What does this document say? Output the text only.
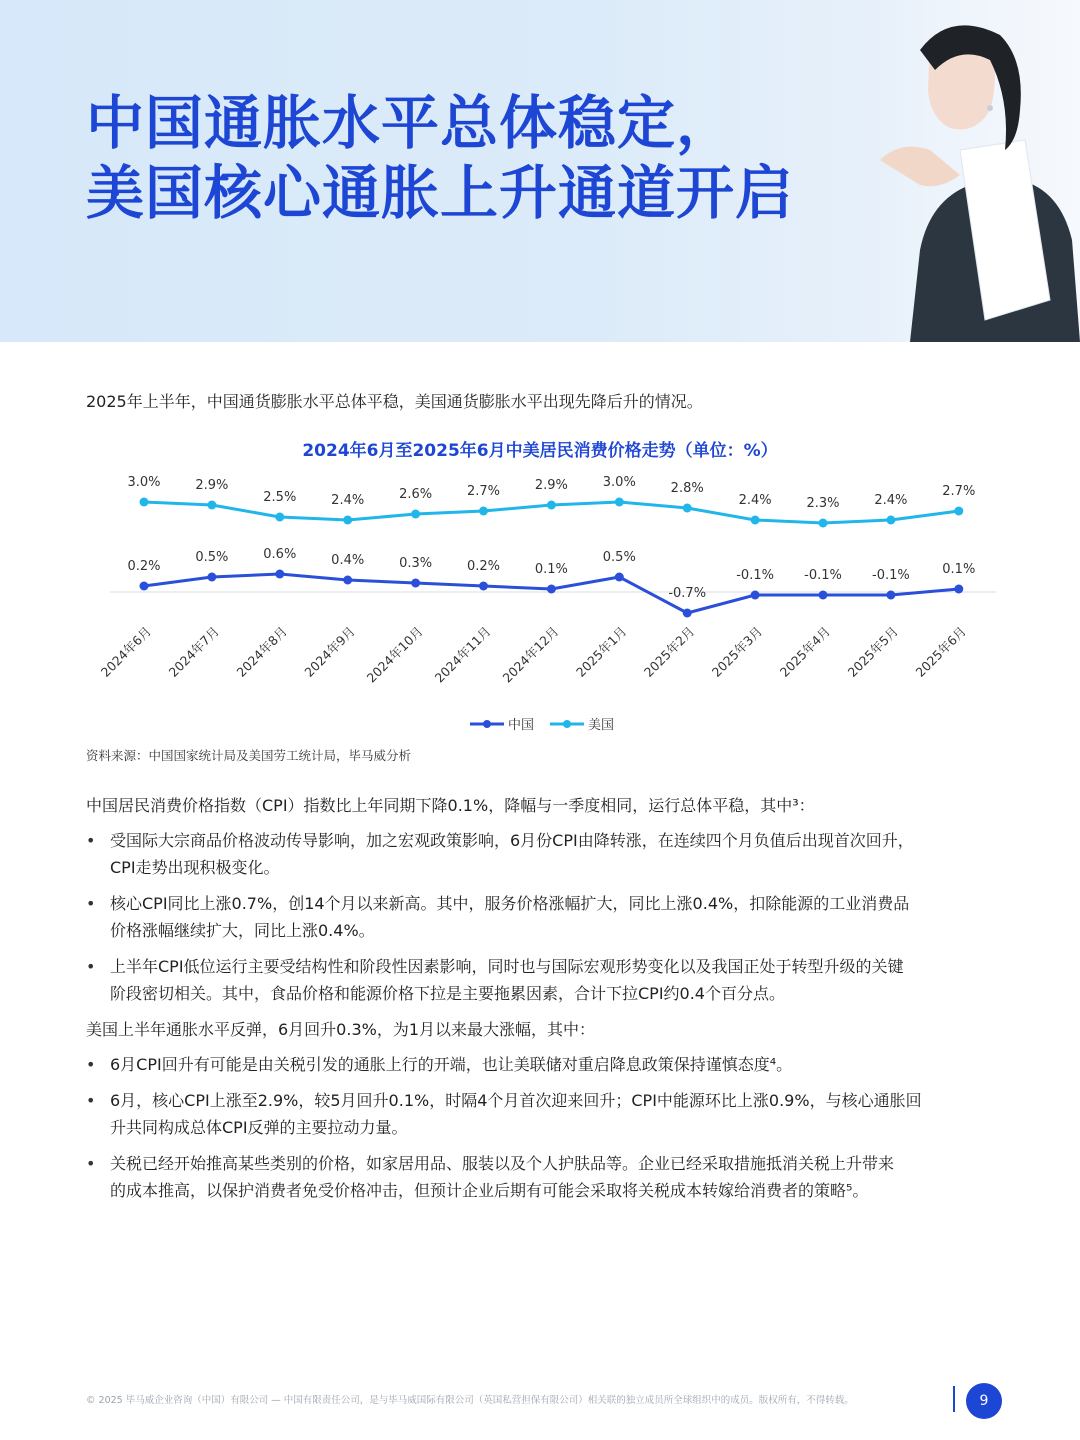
中国通胀水平总体稳定，
美国核心通胀上升通道开启
2025年上半年，中国通货膨胀水平总体平稳，美国通货膨胀水平出现先降后升的情况。
2024年6月至2025年6月中美居民消费价格走势（单位：%）
3.0%	2.9%
2.5%	2.4%	2.6%	2.7%	2.9%	3.0%	2.8%
2.4%	2.3%	2.4%
2.7%
0.2%
0.5%	0.6%	0.4%	0.3%	0.2%	0.1%
0.5%
-0.7%
-0.1% -0.1% -0.1%	0.1%
2024年6月 2024年7月 2024年8月 2024年9月 2024年10月 2024年11月 2024年12月 2025年1月 2025年2月 2025年3月 2025年4月 2025年5月 2025年6月
中国	美国
资料来源：中国国家统计局及美国劳工统计局，毕马威分析

中国居民消费价格指数（CPI）指数比上年同期下降0.1%，降幅与一季度相同，运行总体平稳，其中³：

• 受国际大宗商品价格波动传导影响，加之宏观政策影响，6月份CPI由降转涨，在连续四个月负值后出现首次回升，
CPI走势出现积极变化。
• 核心CPI同比上涨0.7%，创14个月以来新高。其中，服务价格涨幅扩大，同比上涨0.4%，扣除能源的工业消费品
价格涨幅继续扩大，同比上涨0.4%。
• 上半年CPI低位运行主要受结构性和阶段性因素影响，同时也与国际宏观形势变化以及我国正处于转型升级的关键
阶段密切相关。其中，食品价格和能源价格下拉是主要拖累因素，合计下拉CPI约0.4个百分点。

美国上半年通胀水平反弹，6月回升0.3%，为1月以来最大涨幅，其中：

• 6月CPI回升有可能是由关税引发的通胀上行的开端，也让美联储对重启降息政策保持谨慎态度⁴。
• 6月，核心CPI上涨至2.9%，较5月回升0.1%，时隔4个月首次迎来回升；CPI中能源环比上涨0.9%，与核心通胀回
升共同构成总体CPI反弹的主要拉动力量。
• 关税已经开始推高某些类别的价格，如家居用品、服装以及个人护肤品等。企业已经采取措施抵消关税上升带来
的成本推高，以保护消费者免受价格冲击，但预计企业后期有可能会采取将关税成本转嫁给消费者的策略⁵。
© 2025 毕马威企业咨询（中国）有限公司 — 中国有限责任公司，是与毕马威国际有限公司（英国私营担保有限公司）相关联的独立成员所全球组织中的成员。版权所有，不得转载。	9
